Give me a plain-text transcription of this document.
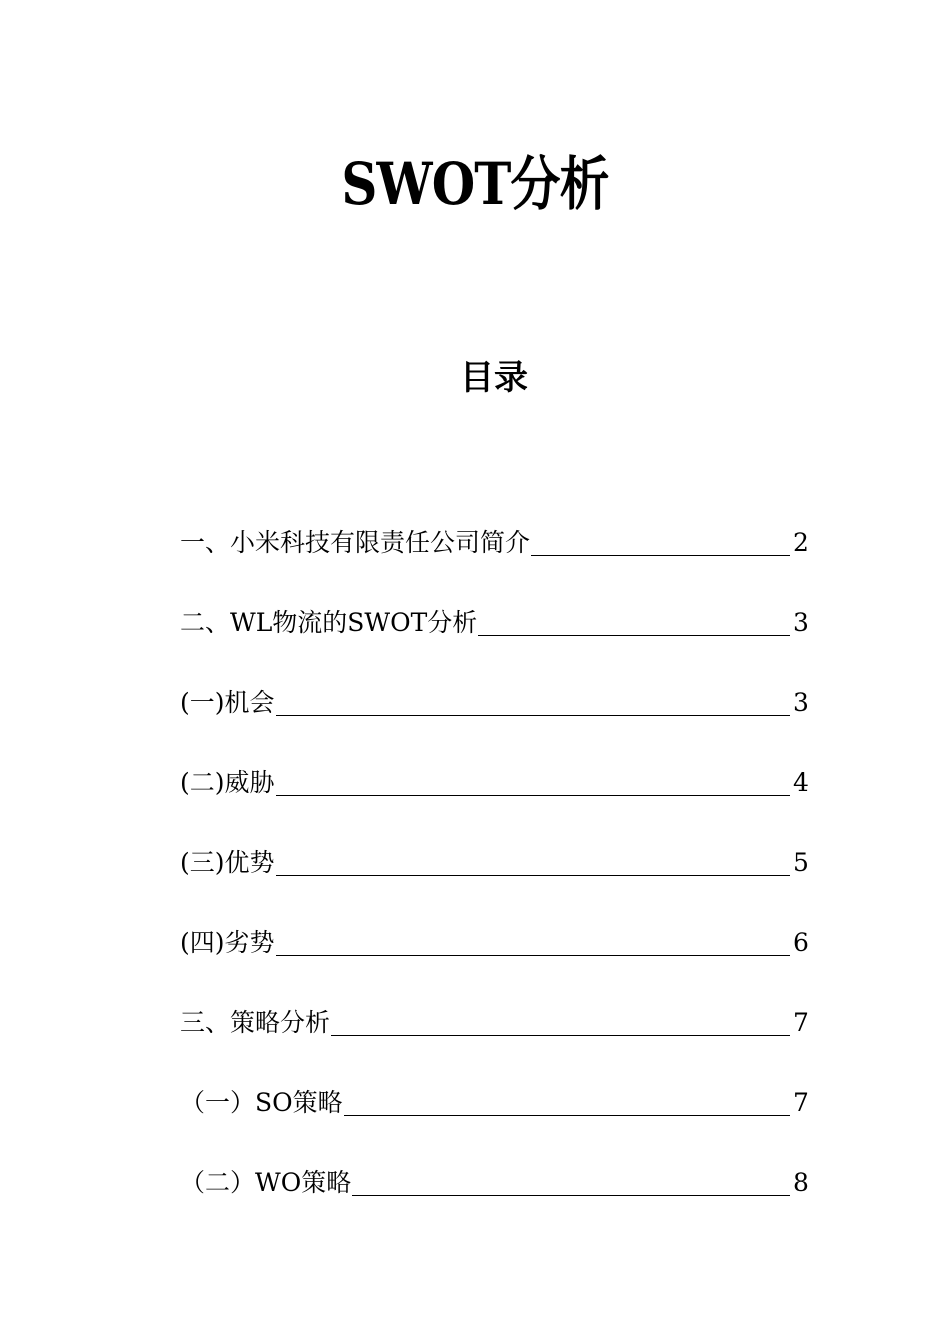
SWOT分析
目录
一、小米科技有限责任公司简介	2
二、WL物流的SWOT分析	3
(一)机会	3
(二)威胁	4
(三)优势	5
(四)劣势	6
三、策略分析	7
（一）SO策略	7
（二）WO策略	8
